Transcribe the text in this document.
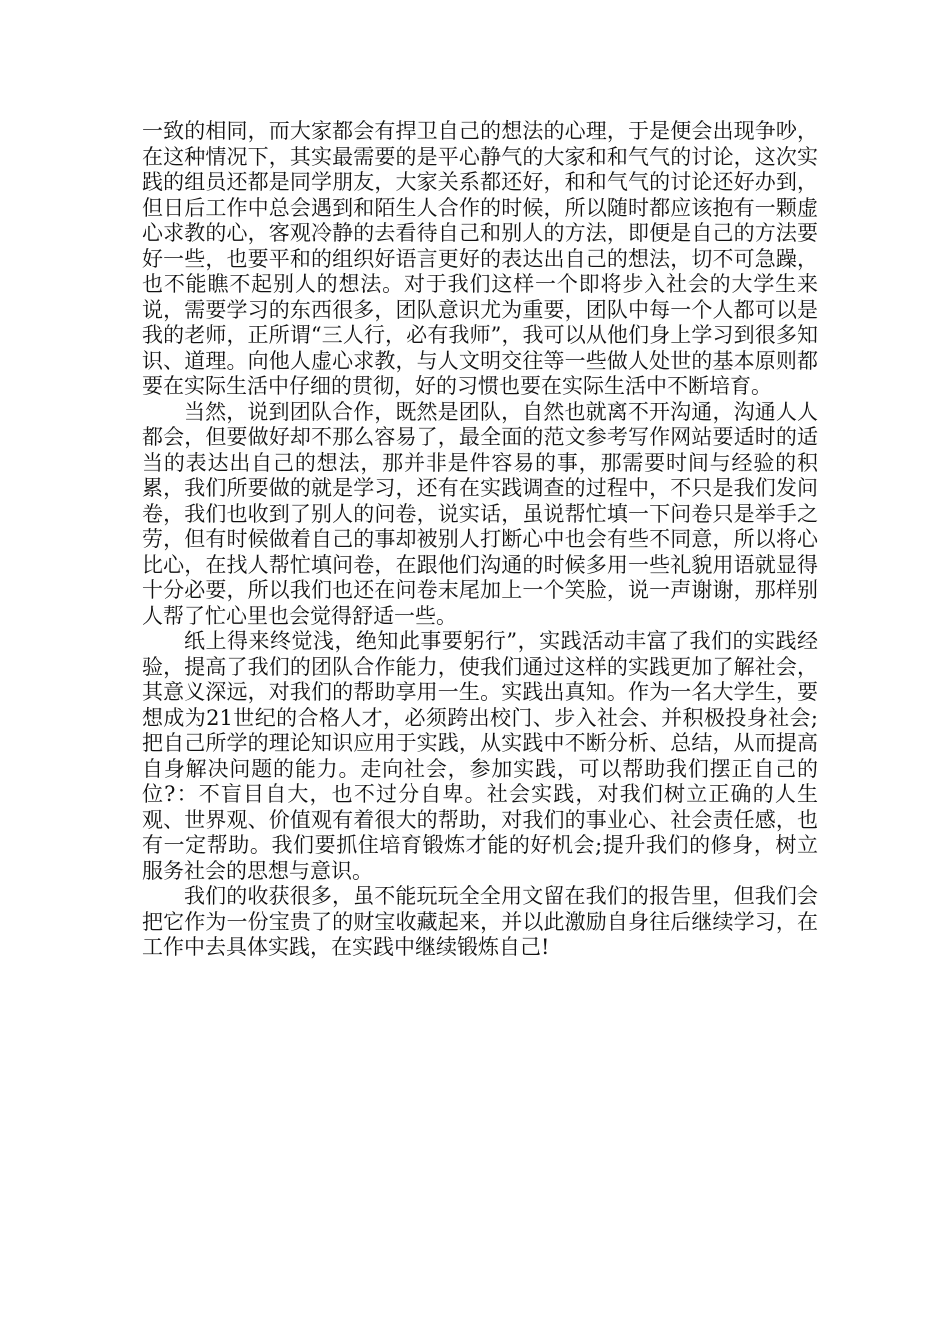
一致的相同，而大家都会有捍卫自己的想法的心理，于是便会出现争吵，在这种情况下，其实最需要的是平心静气的大家和和气气的讨论，这次实践的组员还都是同学朋友，大家关系都还好，和和气气的讨论还好办到，但日后工作中总会遇到和陌生人合作的时候，所以随时都应该抱有一颗虚心求教的心，客观冷静的去看待自己和别人的方法，即便是自己的方法要好一些，也要平和的组织好语言更好的表达出自己的想法，切不可急躁，也不能瞧不起别人的想法。对于我们这样一个即将步入社会的大学生来说，需要学习的东西很多，团队意识尤为重要，团队中每一个人都可以是我的老师，正所谓“三人行，必有我师”，我可以从他们身上学习到很多知识、道理。向他人虚心求教，与人文明交往等一些做人处世的基本原则都要在实际生活中仔细的贯彻，好的习惯也要在实际生活中不断培育。

当然，说到团队合作，既然是团队，自然也就离不开沟通，沟通人人都会，但要做好却不那么容易了，最全面的范文参考写作网站要适时的适当的表达出自己的想法，那并非是件容易的事，那需要时间与经验的积累，我们所要做的就是学习，还有在实践调查的过程中，不只是我们发问卷，我们也收到了别人的问卷，说实话，虽说帮忙填一下问卷只是举手之劳，但有时候做着自己的事却被别人打断心中也会有些不同意，所以将心比心，在找人帮忙填问卷，在跟他们沟通的时候多用一些礼貌用语就显得十分必要，所以我们也还在问卷末尾加上一个笑脸，说一声谢谢，那样别人帮了忙心里也会觉得舒适一些。

纸上得来终觉浅，绝知此事要躬行”，实践活动丰富了我们的实践经验，提高了我们的团队合作能力，使我们通过这样的实践更加了解社会，其意义深远，对我们的帮助享用一生。实践出真知。作为一名大学生，要想成为21世纪的合格人才，必须跨出校门、步入社会、并积极投身社会;把自己所学的理论知识应用于实践，从实践中不断分析、总结，从而提高自身解决问题的能力。走向社会，参加实践，可以帮助我们摆正自己的位?：不盲目自大，也不过分自卑。社会实践，对我们树立正确的人生观、世界观、价值观有着很大的帮助，对我们的事业心、社会责任感，也有一定帮助。我们要抓住培育锻炼才能的好机会;提升我们的修身，树立服务社会的思想与意识。

我们的收获很多，虽不能玩玩全全用文留在我们的报告里，但我们会把它作为一份宝贵了的财宝收藏起来，并以此激励自身往后继续学习，在工作中去具体实践，在实践中继续锻炼自己!
